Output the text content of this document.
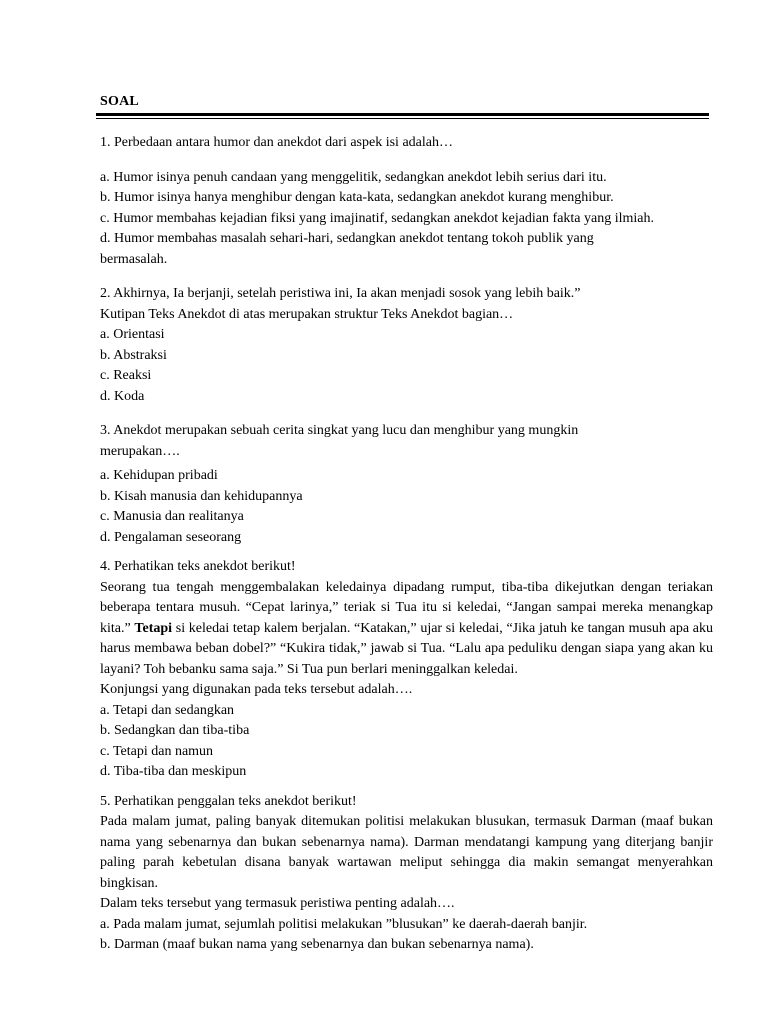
SOAL
1. Perbedaan antara humor dan anekdot dari aspek isi adalah…
a. Humor isinya penuh candaan yang menggelitik, sedangkan anekdot lebih serius dari itu.
b. Humor isinya hanya menghibur dengan kata-kata, sedangkan anekdot kurang menghibur.
c. Humor membahas kejadian fiksi yang imajinatif, sedangkan anekdot kejadian fakta yang ilmiah.
d. Humor membahas masalah sehari-hari, sedangkan anekdot tentang tokoh publik yang
bermasalah.
2. Akhirnya, Ia berjanji, setelah peristiwa ini, Ia akan menjadi sosok yang lebih baik.”
Kutipan Teks Anekdot di atas merupakan struktur Teks Anekdot bagian…
a. Orientasi
b. Abstraksi
c. Reaksi
d. Koda
3. Anekdot merupakan sebuah cerita singkat yang lucu dan menghibur yang mungkin
merupakan….
a. Kehidupan pribadi
b. Kisah manusia dan kehidupannya
c. Manusia dan realitanya
d. Pengalaman seseorang
4. Perhatikan teks anekdot berikut!
Seorang tua tengah menggembalakan keledainya dipadang rumput, tiba-tiba dikejutkan dengan teriakan beberapa tentara musuh. “Cepat larinya,” teriak si Tua itu si keledai, “Jangan sampai mereka menangkap kita.” Tetapi si keledai tetap kalem berjalan. “Katakan,” ujar si keledai, “Jika jatuh ke tangan musuh apa aku harus membawa beban dobel?” “Kukira tidak,” jawab si Tua. “Lalu apa peduliku dengan siapa yang akan ku layani? Toh bebanku sama saja.” Si Tua pun berlari meninggalkan keledai.
Konjungsi yang digunakan pada teks tersebut adalah….
a. Tetapi dan sedangkan
b. Sedangkan dan tiba-tiba
c. Tetapi dan namun
d. Tiba-tiba dan meskipun
5. Perhatikan penggalan teks anekdot berikut!
Pada malam jumat, paling banyak ditemukan politisi melakukan blusukan, termasuk Darman (maaf bukan nama yang sebenarnya dan bukan sebenarnya nama). Darman mendatangi kampung yang diterjang banjir paling parah kebetulan disana banyak wartawan meliput sehingga dia makin semangat menyerahkan bingkisan.
Dalam teks tersebut yang termasuk peristiwa penting adalah….
a. Pada malam jumat, sejumlah politisi melakukan ”blusukan” ke daerah-daerah banjir.
b. Darman (maaf bukan nama yang sebenarnya dan bukan sebenarnya nama).
